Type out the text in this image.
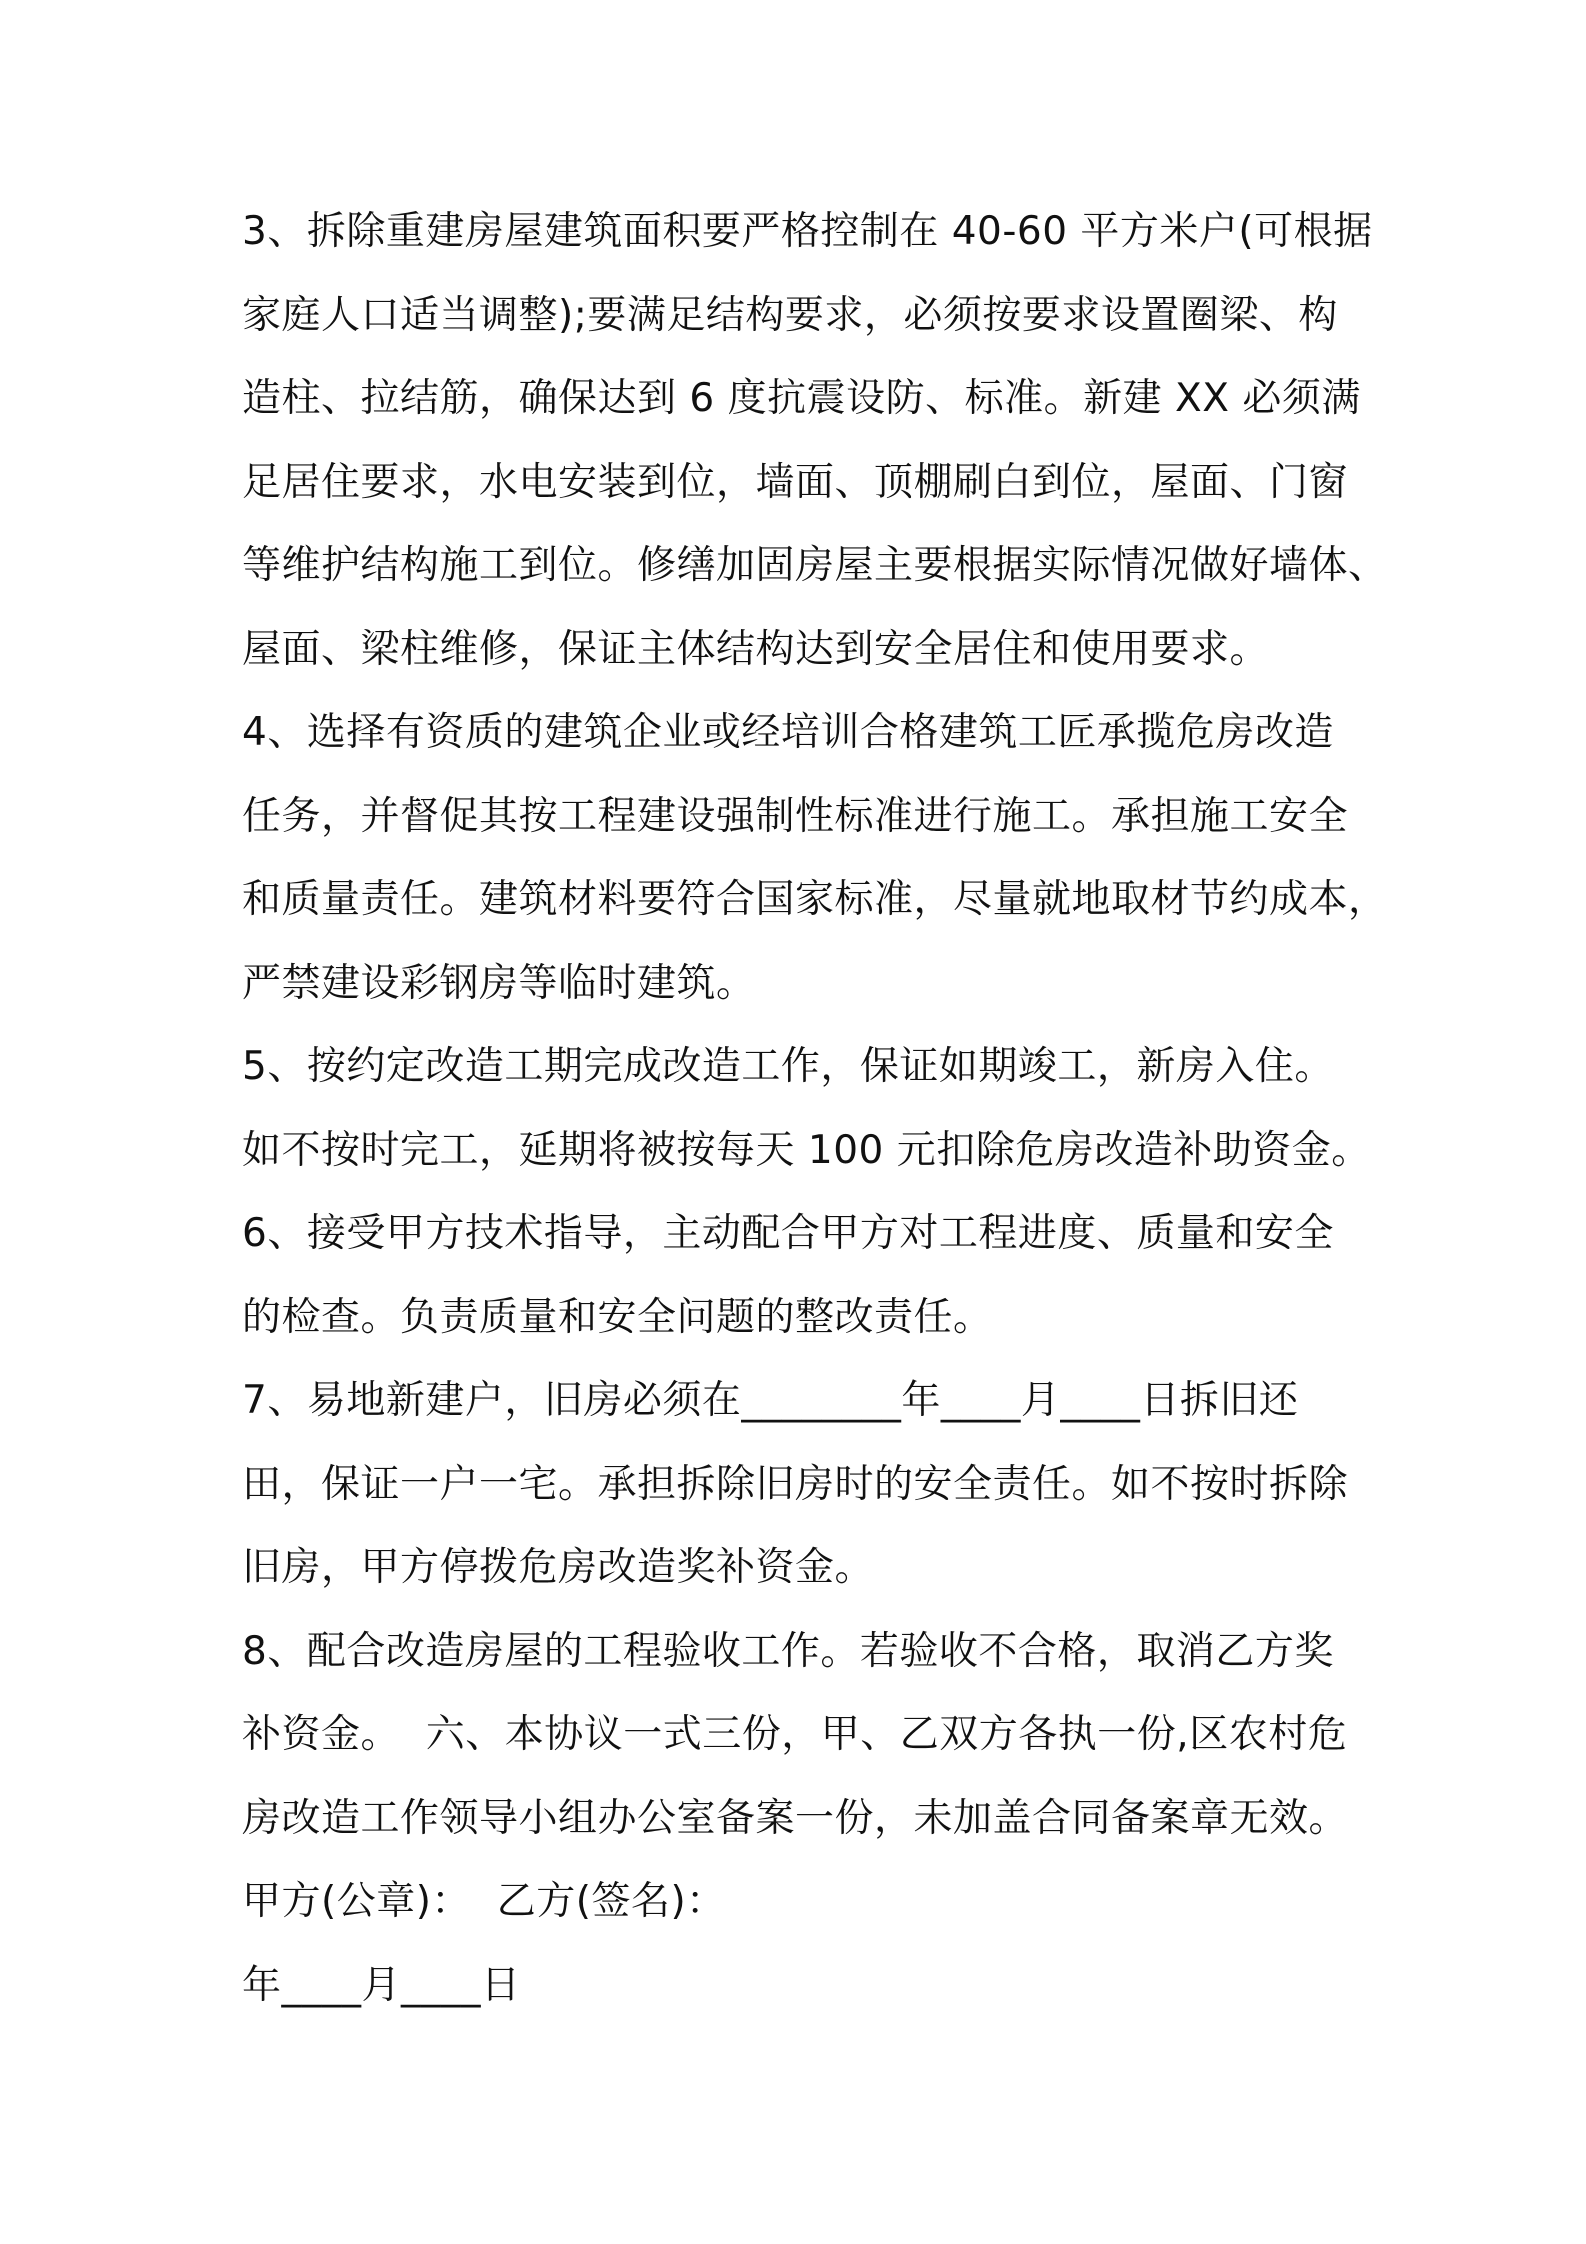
3、拆除重建房屋建筑面积要严格控制在 40-60 平方米户(可根据
家庭人口适当调整);要满足结构要求，必须按要求设置圈梁、构
造柱、拉结筋，确保达到 6 度抗震设防、标准。新建 XX 必须满
足居住要求，水电安装到位，墙面、顶棚刷白到位，屋面、门窗
等维护结构施工到位。修缮加固房屋主要根据实际情况做好墙体、
屋面、梁柱维修，保证主体结构达到安全居住和使用要求。
4、选择有资质的建筑企业或经培训合格建筑工匠承揽危房改造
任务，并督促其按工程建设强制性标准进行施工。承担施工安全
和质量责任。建筑材料要符合国家标准，尽量就地取材节约成本，
严禁建设彩钢房等临时建筑。
5、按约定改造工期完成改造工作，保证如期竣工，新房入住。
如不按时完工，延期将被按每天 100 元扣除危房改造补助资金。
6、接受甲方技术指导，主动配合甲方对工程进度、质量和安全
的检查。负责质量和安全问题的整改责任。
7、易地新建户，旧房必须在________年____月____日拆旧还
田，保证一户一宅。承担拆除旧房时的安全责任。如不按时拆除
旧房，甲方停拨危房改造奖补资金。
8、配合改造房屋的工程验收工作。若验收不合格，取消乙方奖
补资金。  六、本协议一式三份，甲、乙双方各执一份,区农村危
房改造工作领导小组办公室备案一份，未加盖合同备案章无效。
甲方(公章)：  乙方(签名)：
年____月____日
